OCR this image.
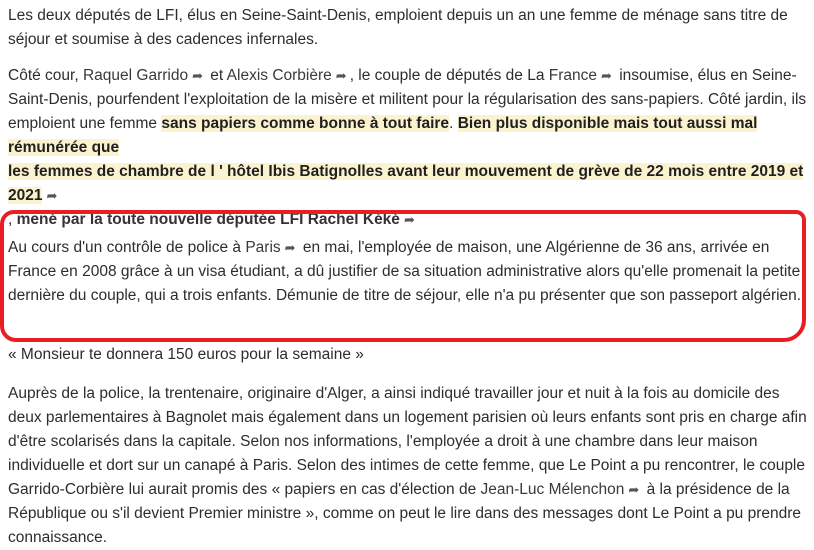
Les deux députés de LFI, élus en Seine-Saint-Denis, emploient depuis un an une femme de ménage sans titre de séjour et soumise à des cadences infernales.

Côté cour, Raquel Garrido ➦ et Alexis Corbière ➦ , le couple de députés de La France ➦ insoumise, élus en Seine-Saint-Denis, pourfendent l'exploitation de la misère et militent pour la régularisation des sans-papiers. Côté jardin, ils emploient une femme sans papiers comme bonne à tout faire. Bien plus disponible mais tout aussi mal rémunérée que
les femmes de chambre de l ' hôtel Ibis Batignolles avant leur mouvement de grève de 22 mois entre 2019 et 2021 ➦
, mené par la toute nouvelle députée LFI Rachel Kéké ➦

Au cours d'un contrôle de police à Paris ➦ en mai, l'employée de maison, une Algérienne de 36 ans, arrivée en France en 2008 grâce à un visa étudiant, a dû justifier de sa situation administrative alors qu'elle promenait la petite dernière du couple, qui a trois enfants. Démunie de titre de séjour, elle n'a pu présenter que son passeport algérien.

« Monsieur te donnera 150 euros pour la semaine »

Auprès de la police, la trentenaire, originaire d'Alger, a ainsi indiqué travailler jour et nuit à la fois au domicile des deux parlementaires à Bagnolet mais également dans un logement parisien où leurs enfants sont pris en charge afin d'être scolarisés dans la capitale. Selon nos informations, l'employée a droit à une chambre dans leur maison individuelle et dort sur un canapé à Paris. Selon des intimes de cette femme, que Le Point a pu rencontrer, le couple Garrido-Corbière lui aurait promis des « papiers en cas d'élection de Jean-Luc Mélenchon ➦ à la présidence de la République ou s'il devient Premier ministre », comme on peut le lire dans des messages dont Le Point a pu prendre connaissance.
